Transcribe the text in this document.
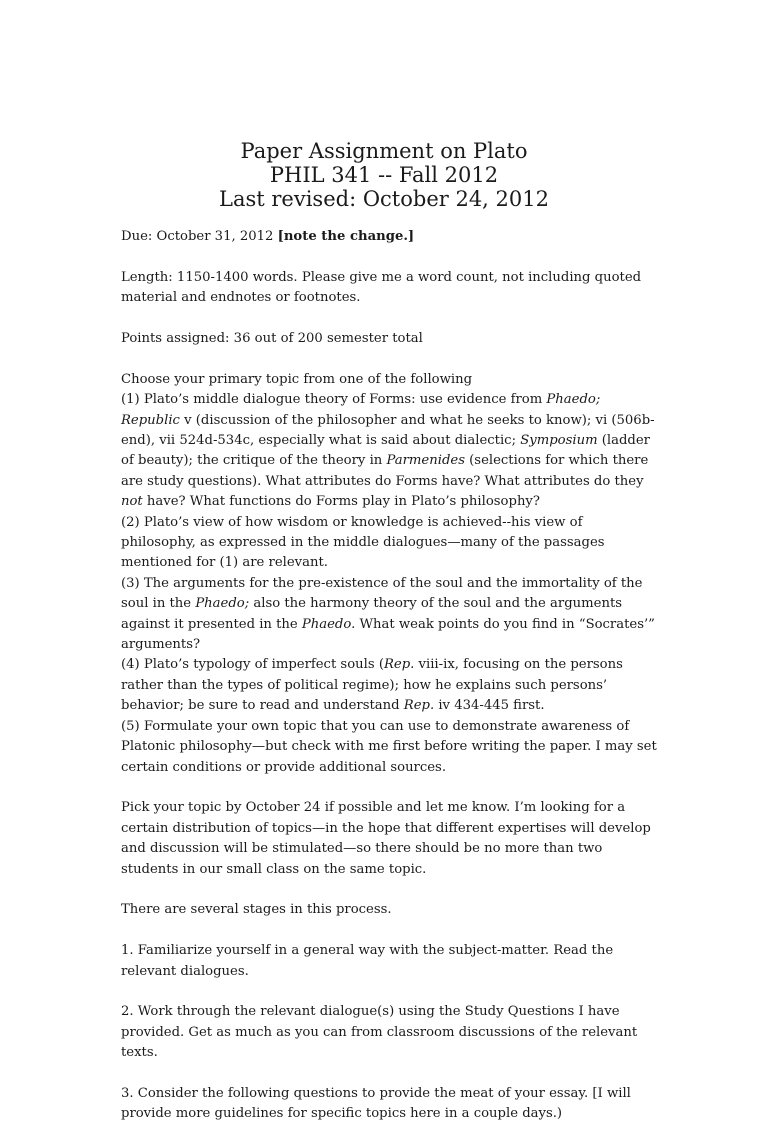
Paper Assignment on Plato
PHIL 341 -- Fall 2012
Last revised: October 24, 2012

Due: October 31, 2012 [note the change.]

Length: 1150-1400 words. Please give me a word count, not including quoted material and endnotes or footnotes.

Points assigned: 36 out of 200 semester total

Choose your primary topic from one of the following
(1) Plato’s middle dialogue theory of Forms: use evidence from Phaedo; Republic v (discussion of the philosopher and what he seeks to know); vi (506b-end), vii 524d-534c, especially what is said about dialectic; Symposium (ladder of beauty); the critique of the theory in Parmenides (selections for which there are study questions). What attributes do Forms have? What attributes do they not have? What functions do Forms play in Plato’s philosophy?
(2) Plato’s view of how wisdom or knowledge is achieved--his view of philosophy, as expressed in the middle dialogues—many of the passages mentioned for (1) are relevant.
(3) The arguments for the pre-existence of the soul and the immortality of the soul in the Phaedo; also the harmony theory of the soul and the arguments against it presented in the Phaedo. What weak points do you find in “Socrates’” arguments?
(4) Plato’s typology of imperfect souls (Rep. viii-ix, focusing on the persons rather than the types of political regime); how he explains such persons’ behavior; be sure to read and understand Rep. iv 434-445 first.
(5) Formulate your own topic that you can use to demonstrate awareness of Platonic philosophy—but check with me first before writing the paper. I may set certain conditions or provide additional sources.

Pick your topic by October 24 if possible and let me know. I’m looking for a certain distribution of topics—in the hope that different expertises will develop and discussion will be stimulated—so there should be no more than two students in our small class on the same topic.

There are several stages in this process.

1. Familiarize yourself in a general way with the subject-matter. Read the relevant dialogues.

2. Work through the relevant dialogue(s) using the Study Questions I have provided. Get as much as you can from classroom discussions of the relevant texts.

3. Consider the following questions to provide the meat of your essay. [I will provide more guidelines for specific topics here in a couple days.)
